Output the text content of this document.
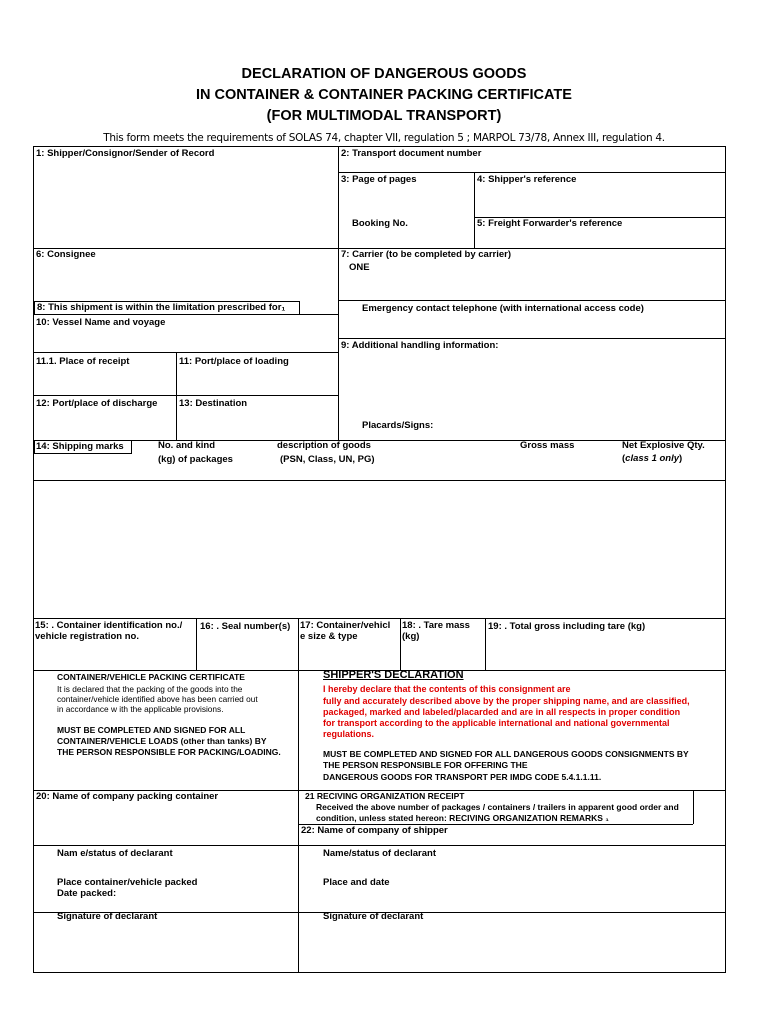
DECLARATION OF DANGEROUS GOODS
IN CONTAINER & CONTAINER PACKING CERTIFICATE
(FOR MULTIMODAL TRANSPORT)
This form meets the requirements of SOLAS 74, chapter VII, regulation 5 ; MARPOL 73/78, Annex III, regulation 4.
1: Shipper/Consignor/Sender of Record	2: Transport document number
3: Page of pages	4: Shipper's reference
Booking No.	5: Freight Forwarder's reference
6: Consignee	7: Carrier (to be completed by carrier)
ONE
8: This shipment is within the limitation prescribed for₁	Emergency contact telephone (with international access code)
10: Vessel Name and voyage
9: Additional handling information:
11.1. Place of receipt	11: Port/place of loading
12: Port/place of discharge 13: Destination
Placards/Signs:
14: Shipping marks	No. and kind
(kg) of packages
description of goods
(PSN, Class, UN, PG)
Gross mass	Net Explosive Qty.
(class 1 only)
15: . Container identification no./
vehicle registration no.
16: . Seal number(s) 17: Container/vehicl
e size & type
18: . Tare mass
(kg)
19: . Total gross including tare (kg)
CONTAINER/VEHICLE PACKING CERTIFICATE
It is declared that the packing of the goods into the
container/vehicle identified above has been carried out
in accordance w ith the applicable provisions.
MUST BE COMPLETED AND SIGNED FOR ALL
CONTAINER/VEHICLE LOADS (other than tanks) BY
THE PERSON RESPONSIBLE FOR PACKING/LOADING.
SHIPPER'S DECLARATION
I hereby declare that the contents of this consignment are
fully and accurately described above by the proper shipping name, and are classified,
packaged, marked and labeled/placarded and are in all respects in proper condition
for transport according to the applicable international and national governmental
regulations.
MUST BE COMPLETED AND SIGNED FOR ALL DANGEROUS GOODS CONSIGNMENTS BY
THE PERSON RESPONSIBLE FOR OFFERING THE
DANGEROUS GOODS FOR TRANSPORT PER IMDG CODE 5.4.1.1.11.
20: Name of company packing container	21 RECIVING ORGANIZATION RECEIPT
Received the above number of packages / containers / trailers in apparent good order and
condition, unless stated hereon: RECIVING ORGANIZATION REMARKS ₁
22: Name of company of shipper
Nam e/status of declarant	Name/status of declarant
Place container/vehicle packed
Date packed:
Place and date
Signature of declarant	Signature of declarant
